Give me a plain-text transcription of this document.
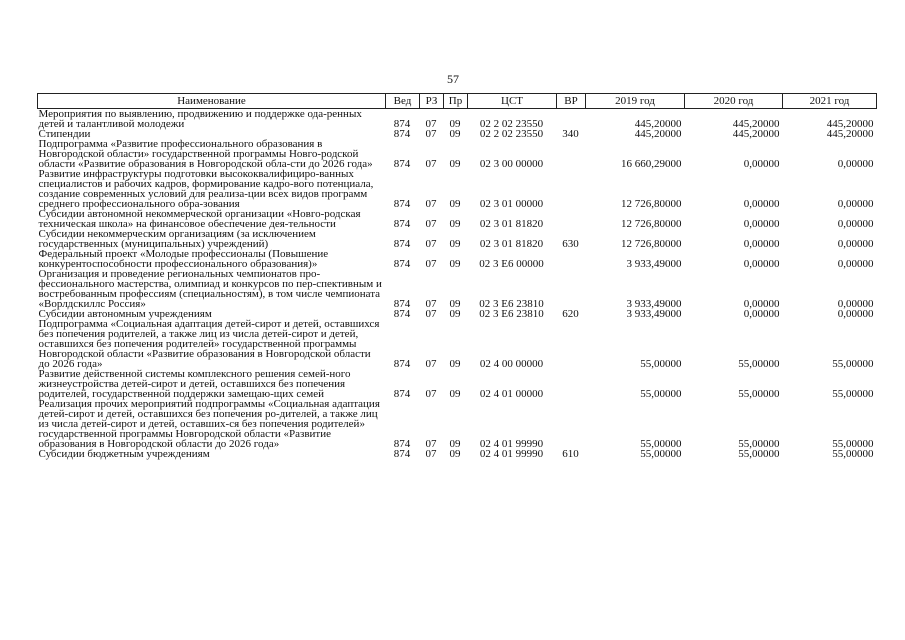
57
Наименование	Вед	РЗ	Пр	ЦСТ	ВР	2019 год	2020 год	2021 год
Мероприятия по выявлению, продвижению и поддержке ода-ренных детей и талантливой молодежи	874	07	09	02 2 02 23550		445,20000	445,20000	445,20000
Стипендии	874	07	09	02 2 02 23550	340	445,20000	445,20000	445,20000
Подпрограмма «Развитие профессионального образования в Новгородской области» государственной программы Новго-родской области «Развитие образования в Новгородской обла-сти до 2026 года»	874	07	09	02 3 00 00000		16 660,29000	0,00000	0,00000
Развитие инфраструктуры подготовки высококвалифициро-ванных специалистов и рабочих кадров, формирование кадро-вого потенциала, создание современных условий для реализа-ции всех видов программ среднего профессионального обра-зования	874	07	09	02 3 01 00000		12 726,80000	0,00000	0,00000
Субсидии автономной некоммерческой организации «Новго-родская техническая школа» на финансовое обеспечение дея-тельности	874	07	09	02 3 01 81820		12 726,80000	0,00000	0,00000
Субсидии некоммерческим организациям (за исключением государственных (муниципальных) учреждений)	874	07	09	02 3 01 81820	630	12 726,80000	0,00000	0,00000
Федеральный проект «Молодые профессионалы (Повышение конкурентоспособности профессионального образования)»	874	07	09	02 3 Е6 00000		3 933,49000	0,00000	0,00000
Организация и проведение региональных чемпионатов про-фессионального мастерства, олимпиад и конкурсов по пер-спективным и востребованным профессиям (специальностям), в том числе чемпионата «Ворлдскиллс Россия»	874	07	09	02 3 Е6 23810		3 933,49000	0,00000	0,00000
Субсидии автономным учреждениям	874	07	09	02 3 Е6 23810	620	3 933,49000	0,00000	0,00000
Подпрограмма «Социальная адаптация детей-сирот и детей, оставшихся без попечения родителей, а также лиц из числа детей-сирот и детей, оставшихся без попечения родителей» государственной программы Новгородской области «Развитие образования в Новгородской области до 2026 года»	874	07	09	02 4 00 00000		55,00000	55,00000	55,00000
Развитие действенной системы комплексного решения семей-ного жизнеустройства детей-сирот и детей, оставшихся без попечения родителей, государственной поддержки замещаю-щих семей	874	07	09	02 4 01 00000		55,00000	55,00000	55,00000
Реализация прочих мероприятий подпрограммы «Социальная адаптация детей-сирот и детей, оставшихся без попечения ро-дителей, а также лиц из числа детей-сирот и детей, оставших-ся без попечения родителей» государственной программы Новгородской области «Развитие образования в Новгородской области до 2026 года»	874	07	09	02 4 01 99990		55,00000	55,00000	55,00000
Субсидии бюджетным учреждениям	874	07	09	02 4 01 99990	610	55,00000	55,00000	55,00000
